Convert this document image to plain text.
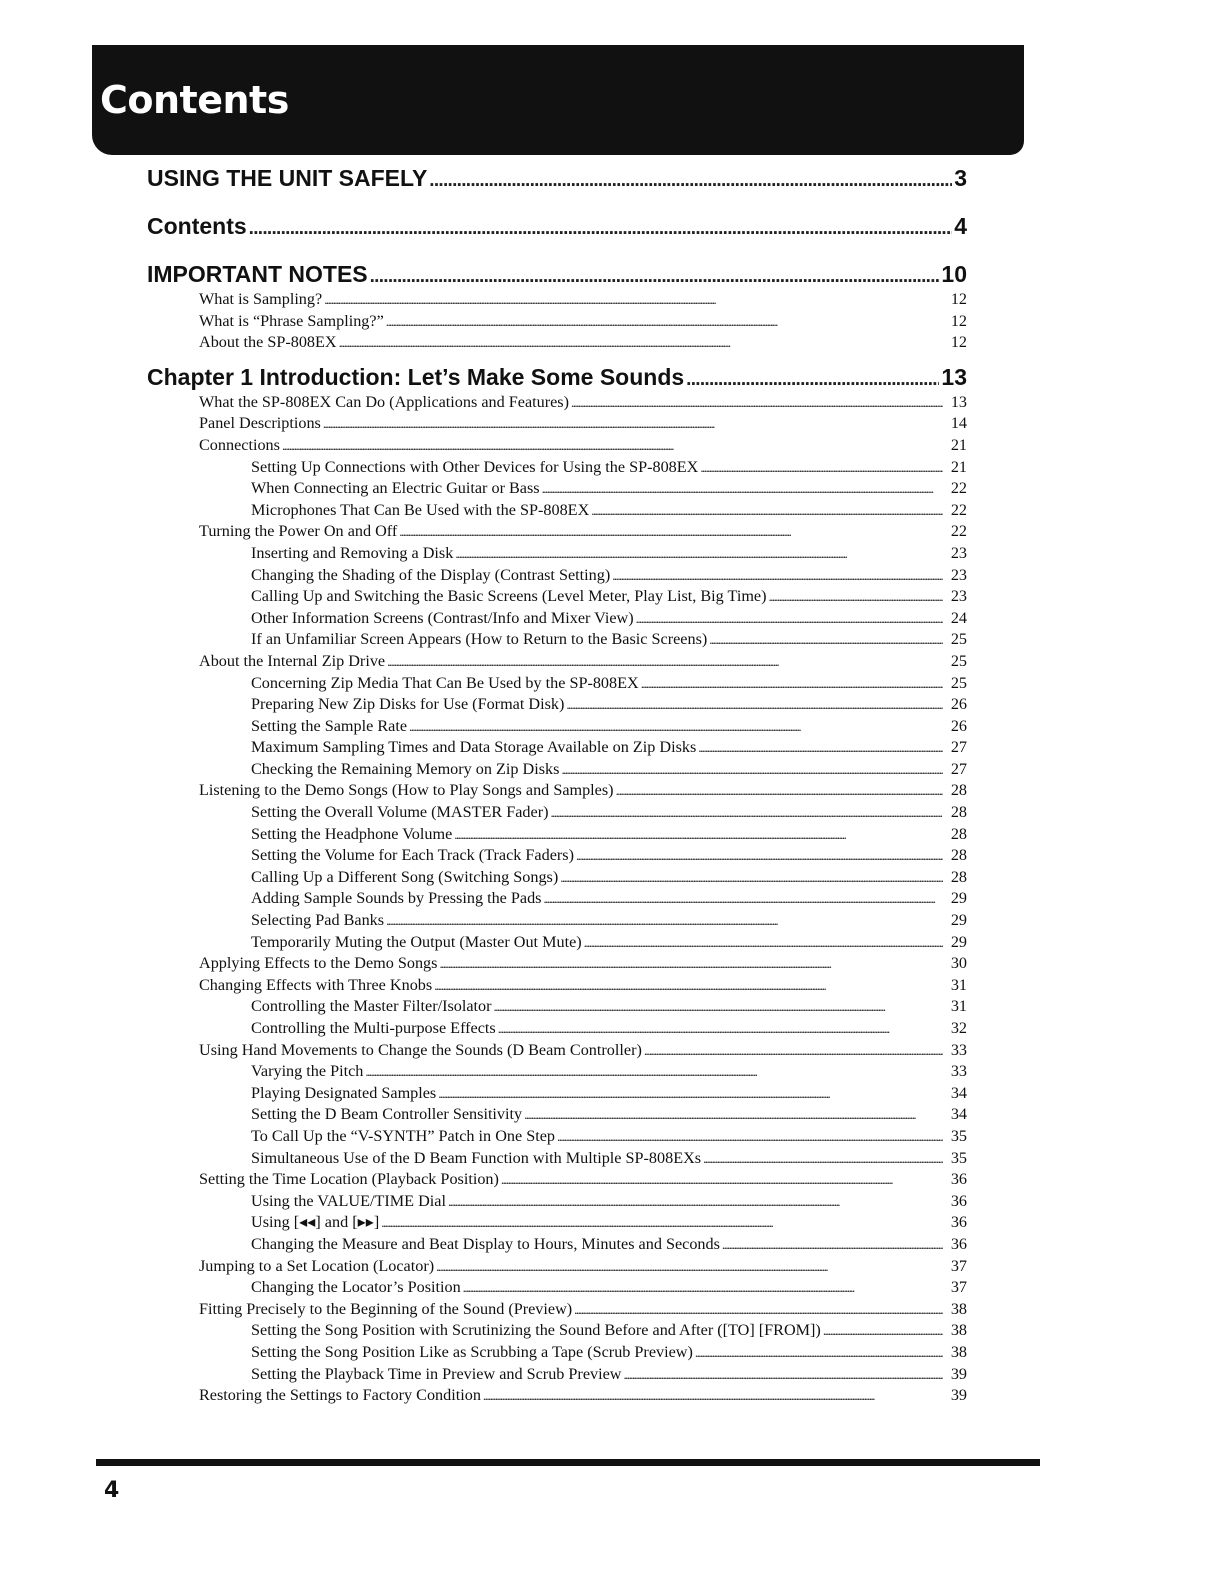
Contents
USING THE UNIT SAFELY . . .	3
Contents . . .	4
IMPORTANT NOTES . . .	10
What is Sampling? . . .	12
What is “Phrase Sampling?” . . .	12
About the SP-808EX . . .	12
Chapter 1 Introduction: Let’s Make Some Sounds . . .	13
What the SP-808EX Can Do (Applications and Features) . . .	13
Panel Descriptions . . .	14
Connections . . .	21
Setting Up Connections with Other Devices for Using the SP-808EX . . .	21
When Connecting an Electric Guitar or Bass . . .	22
Microphones That Can Be Used with the SP-808EX . . .	22
Turning the Power On and Off . . .	22
Inserting and Removing a Disk . . .	23
Changing the Shading of the Display (Contrast Setting) . . .	23
Calling Up and Switching the Basic Screens (Level Meter, Play List, Big Time) . . .	23
Other Information Screens (Contrast/Info and Mixer View) . . .	24
If an Unfamiliar Screen Appears (How to Return to the Basic Screens) . . .	25
About the Internal Zip Drive . . .	25
Concerning Zip Media That Can Be Used by the SP-808EX . . .	25
Preparing New Zip Disks for Use (Format Disk) . . .	26
Setting the Sample Rate . . .	26
Maximum Sampling Times and Data Storage Available on Zip Disks . . .	27
Checking the Remaining Memory on Zip Disks . . .	27
Listening to the Demo Songs (How to Play Songs and Samples) . . .	28
Setting the Overall Volume (MASTER Fader) . . .	28
Setting the Headphone Volume . . .	28
Setting the Volume for Each Track (Track Faders) . . .	28
Calling Up a Different Song (Switching Songs) . . .	28
Adding Sample Sounds by Pressing the Pads . . .	29
Selecting Pad Banks . . .	29
Temporarily Muting the Output (Master Out Mute) . . .	29
Applying Effects to the Demo Songs . . .	30
Changing Effects with Three Knobs . . .	31
Controlling the Master Filter/Isolator . . .	31
Controlling the Multi-purpose Effects . . .	32
Using Hand Movements to Change the Sounds (D Beam Controller) . . .	33
Varying the Pitch . . .	33
Playing Designated Samples . . .	34
Setting the D Beam Controller Sensitivity . . .	34
To Call Up the “V-SYNTH” Patch in One Step . . .	35
Simultaneous Use of the D Beam Function with Multiple SP-808EXs . . .	35
Setting the Time Location (Playback Position) . . .	36
Using the VALUE/TIME Dial . . .	36
Using [◂◂] and [▸▸] . . .	36
Changing the Measure and Beat Display to Hours, Minutes and Seconds . . .	36
Jumping to a Set Location (Locator) . . .	37
Changing the Locator’s Position . . .	37
Fitting Precisely to the Beginning of the Sound (Preview) . . .	38
Setting the Song Position with Scrutinizing the Sound Before and After ([TO] [FROM]) . . .	38
Setting the Song Position Like as Scrubbing a Tape (Scrub Preview) . . .	38
Setting the Playback Time in Preview and Scrub Preview . . .	39
Restoring the Settings to Factory Condition . . .	39
4
